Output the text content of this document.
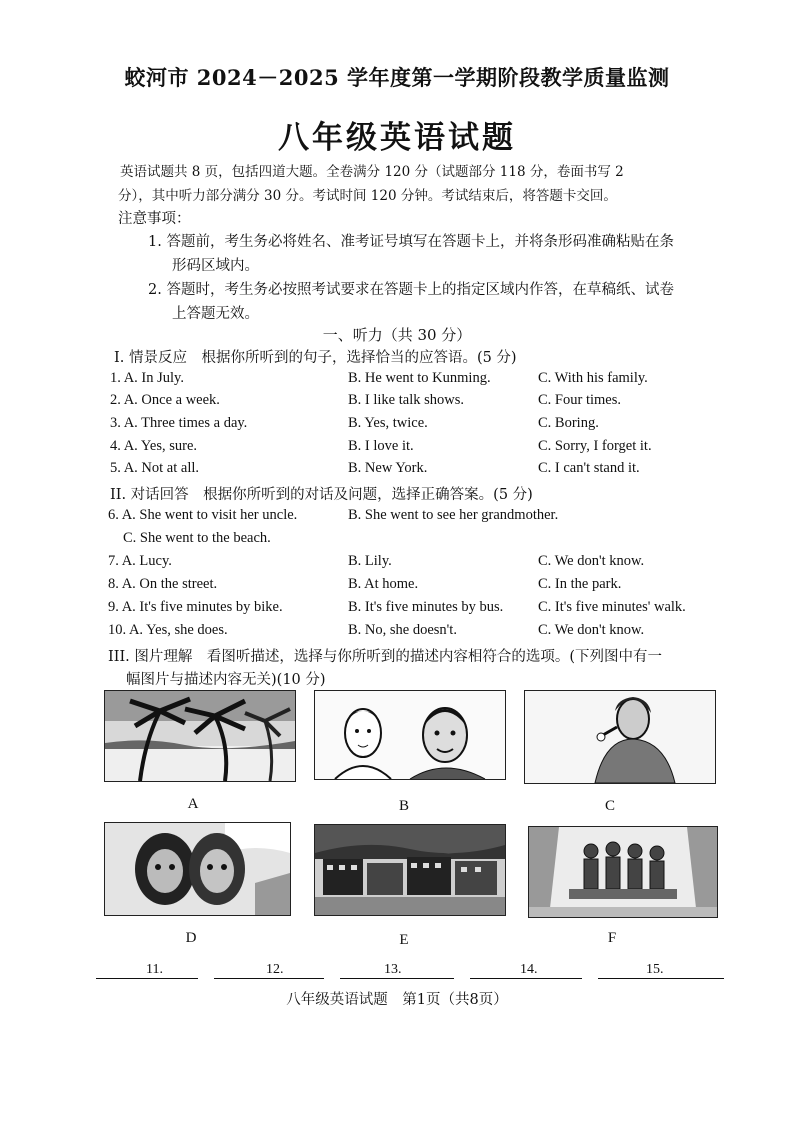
蛟河市 2024－2025 学年度第一学期阶段教学质量监测
八年级英语试题
英语试题共 8 页，包括四道大题。全卷满分 120 分（试题部分 118 分，卷面书写 2
分），其中听力部分满分 30 分。考试时间 120 分钟。考试结束后，将答题卡交回。
注意事项：
1. 答题前，考生务必将姓名、准考证号填写在答题卡上，并将条形码准确粘贴在条
形码区域内。
2. 答题时，考生务必按照考试要求在答题卡上的指定区域内作答，在草稿纸、试卷
上答题无效。
一、听力（共 30 分）
I. 情景反应　根据你所听到的句子，选择恰当的应答语。(5 分)
1. A. In July.	B. He went to Kunming.	C. With his family.
2. A. Once a week.	B. I like talk shows.	C. Four times.
3. A. Three times a day.	B. Yes, twice.	C. Boring.
4. A. Yes, sure.	B. I love it.	C. Sorry, I forget it.
5. A. Not at all.	B. New York.	C. I can't stand it.
II. 对话回答　根据你所听到的对话及问题，选择正确答案。(5 分)
6. A. She went to visit her uncle.	B. She went to see her grandmother.
C. She went to the beach.
7. A. Lucy.	B. Lily.	C. We don't know.
8. A. On the street.	B. At home.	C. In the park.
9. A. It's five minutes by bike.	B. It's five minutes by bus. C. It's five minutes' walk.
10. A. Yes, she does.	B. No, she doesn't.	C. We don't know.
III. 图片理解　看图听描述，选择与你所听到的描述内容相符合的选项。(下列图中有一
幅图片与描述内容无关)(10 分)
A	B	C
D	E	F
11.	12.	13.	14.	15.
八年级英语试题　第1页（共8页）
